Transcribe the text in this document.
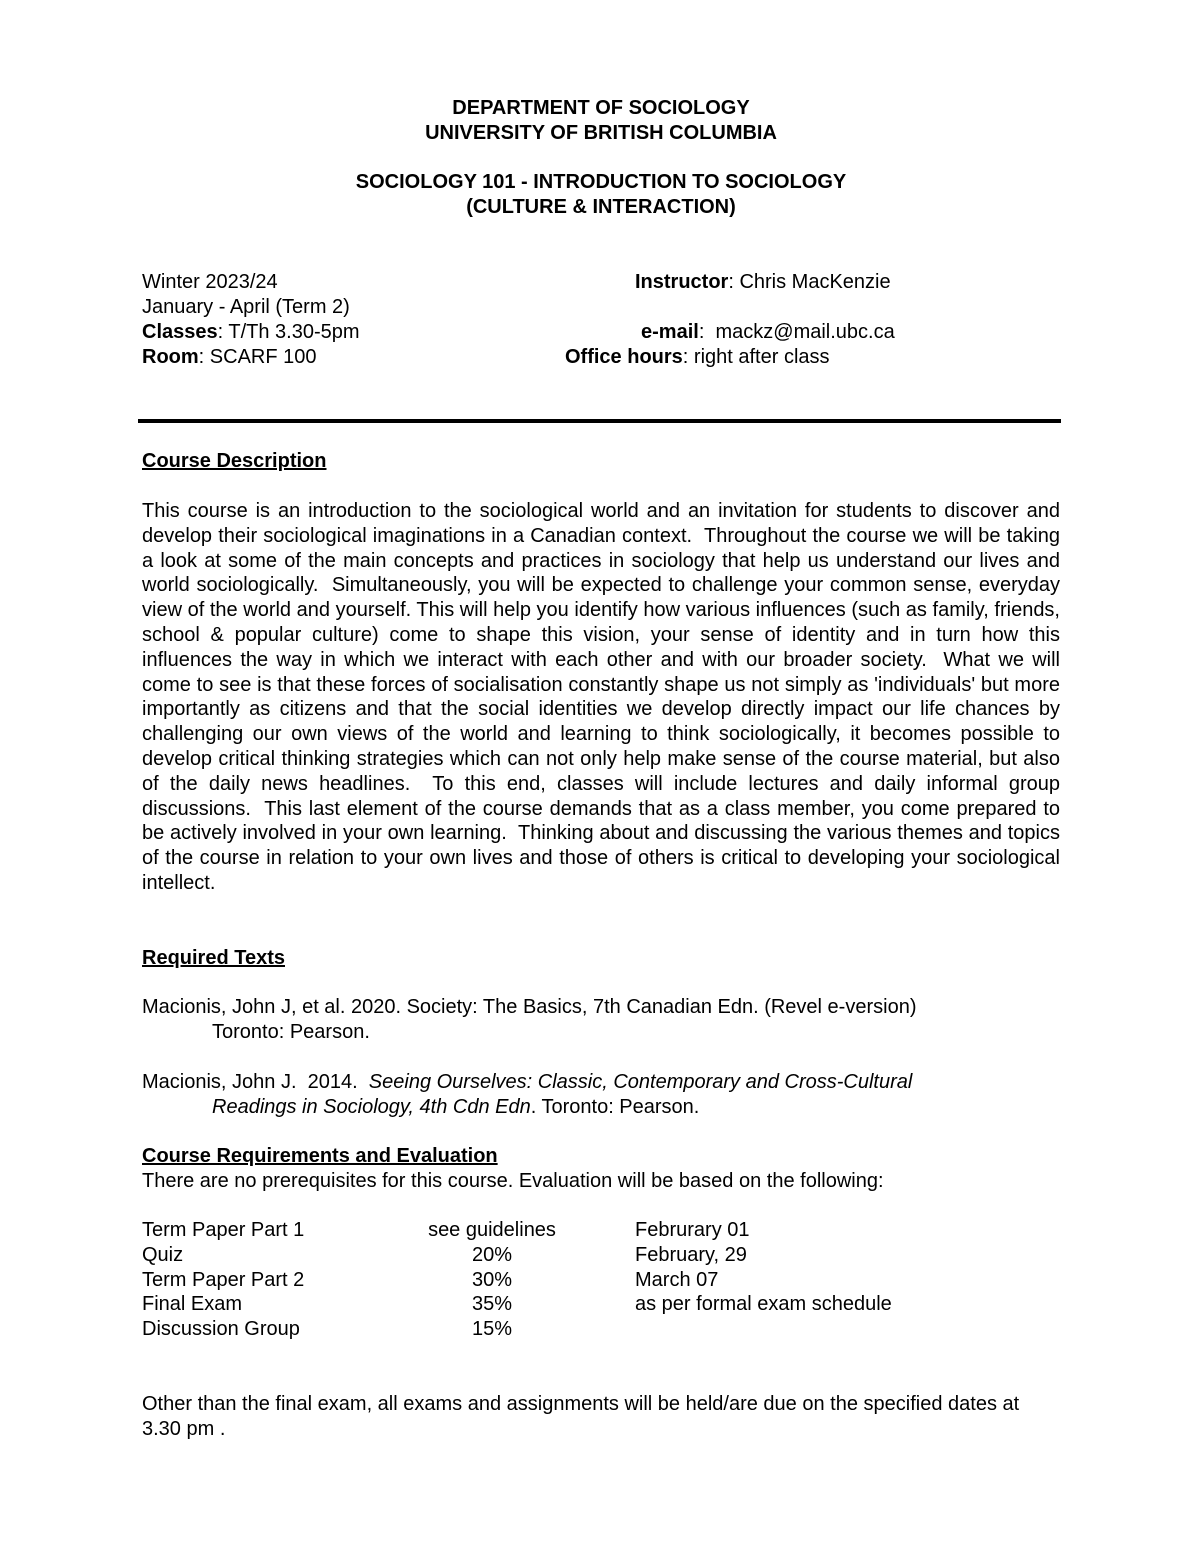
DEPARTMENT OF SOCIOLOGY
UNIVERSITY OF BRITISH COLUMBIA
SOCIOLOGY 101 - INTRODUCTION TO SOCIOLOGY
(CULTURE & INTERACTION)
Winter 2023/24
January - April (Term 2)
Classes: T/Th 3.30-5pm
Room: SCARF 100
Instructor: Chris MacKenzie
e-mail:  mackz@mail.ubc.ca
Office hours: right after class
Course Description
This course is an introduction to the sociological world and an invitation for students to discover and develop their sociological imaginations in a Canadian context.  Throughout the course we will be taking a look at some of the main concepts and practices in sociology that help us understand our lives and world sociologically.  Simultaneously, you will be expected to challenge your common sense, everyday view of the world and yourself. This will help you identify how various influences (such as family, friends, school & popular culture) come to shape this vision, your sense of identity and in turn how this influences the way in which we interact with each other and with our broader society.  What we will come to see is that these forces of socialisation constantly shape us not simply as 'individuals' but more importantly as citizens and that the social identities we develop directly impact our life chances by challenging our own views of the world and learning to think sociologically, it becomes possible to develop critical thinking strategies which can not only help make sense of the course material, but also of the daily news headlines.  To this end, classes will include lectures and daily informal group discussions.  This last element of the course demands that as a class member, you come prepared to be actively involved in your own learning.  Thinking about and discussing the various themes and topics of the course in relation to your own lives and those of others is critical to developing your sociological intellect.
Required Texts
Macionis, John J, et al. 2020. Society: The Basics, 7th Canadian Edn. (Revel e-version)
Toronto: Pearson.
Macionis, John J.  2014.  Seeing Ourselves: Classic, Contemporary and Cross-Cultural
Readings in Sociology, 4th Cdn Edn. Toronto: Pearson.
Course Requirements and Evaluation
There are no prerequisites for this course. Evaluation will be based on the following:
Term Paper Part 1	see guidelines	Februrary 01
Quiz	20%	February, 29
Term Paper Part 2	30%	March 07
Final Exam	35%	as per formal exam schedule
Discussion Group	15%
Other than the final exam, all exams and assignments will be held/are due on the specified dates at 3.30 pm .
